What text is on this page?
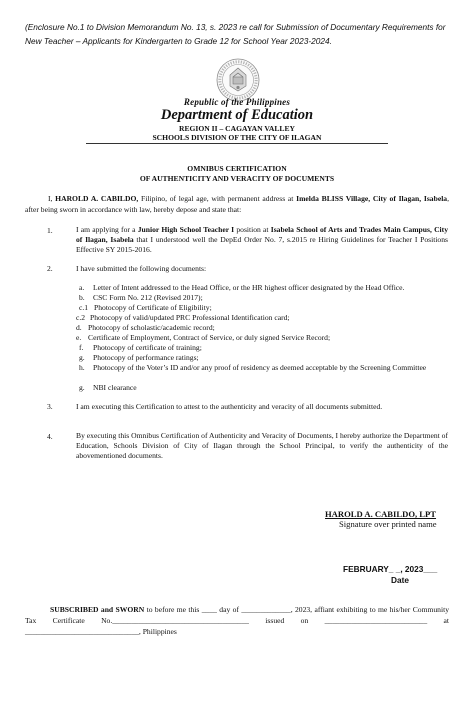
(Enclosure No.1 to Division Memorandum No. 13, s. 2023 re call for Submission of Documentary Requirements for New Teacher – Applicants for Kindergarten to Grade 12 for School Year 2023-2024.
Republic of the Philippines
Department of Education
REGION II – CAGAYAN VALLEY
SCHOOLS DIVISION OF THE CITY OF ILAGAN
OMNIBUS CERTIFICATION
OF AUTHENTICITY AND VERACITY OF DOCUMENTS
I, HAROLD A. CABILDO, Filipino, of legal age, with permanent address at Imelda BLISS Village, City of Ilagan, Isabela, after being sworn in accordance with law, hereby depose and state that:
1.	I am applying for a Junior High School Teacher I position at Isabela School of Arts and Trades Main Campus, City of Ilagan, Isabela that I understood well the DepEd Order No. 7, s.2015 re Hiring Guidelines for Teacher I Positions Effective SY 2015-2016.
2.	I have submitted the following documents:
a. Letter of Intent addressed to the Head Office, or the HR highest officer designated by the Head Office.
b. CSC Form No. 212 (Revised 2017);
c.1 Photocopy of Certificate of Eligibility;
c.2 Photocopy of valid/updated PRC Professional Identification card;
d. Photocopy of scholastic/academic record;
e. Certificate of Employment, Contract of Service, or duly signed Service Record;
f. Photocopy of certificate of training;
g. Photocopy of performance ratings;
h. Photocopy of the Voter’s ID and/or any proof of residency as deemed acceptable by the Screening Committee
g. NBI clearance
3.	I am executing this Certification to attest to the authenticity and veracity of all documents submitted.
4.	By executing this Omnibus Certification of Authenticity and Veracity of Documents, I hereby authorize the Department of Education, Schools Division of City of Ilagan through the School Principal, to verify the authenticity of the abovementioned documents.
HAROLD A. CABILDO, LPT
Signature over printed name
FEBRUARY_ _, 2023___
Date
SUBSCRIBED and SWORN to before me this ____ day of _____________, 2023, affiant exhibiting to me his/her Community Tax Certificate No.____________________________________ issued on ___________________________ at ______________________________, Philippines
